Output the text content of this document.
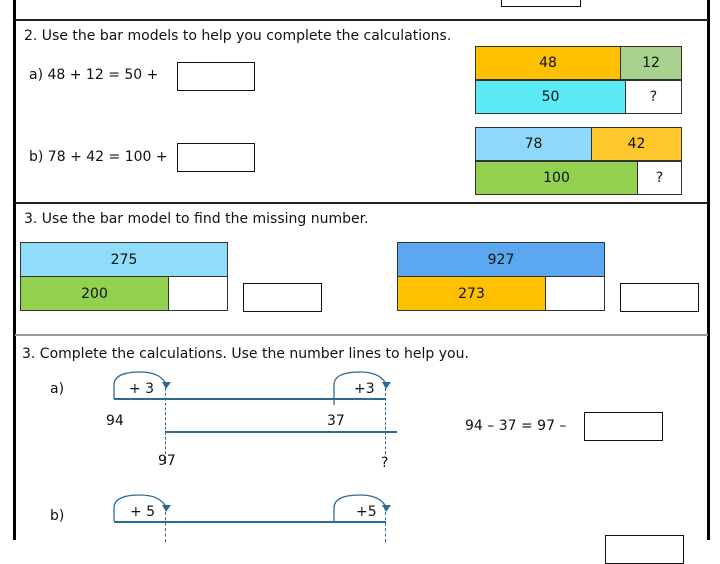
2. Use the bar models to help you complete the calculations.
a) 48 + 12 = 50 +
48	12
50	?
b) 78 + 42 = 100 +
78	42
100	?
3. Use the bar model to find the missing number.
275
200
927
273
3. Complete the calculations. Use the number lines to help you.
a)	+ 3	+3
94	37
97	?
94 – 37 = 97 –
b)	+ 5	+5
